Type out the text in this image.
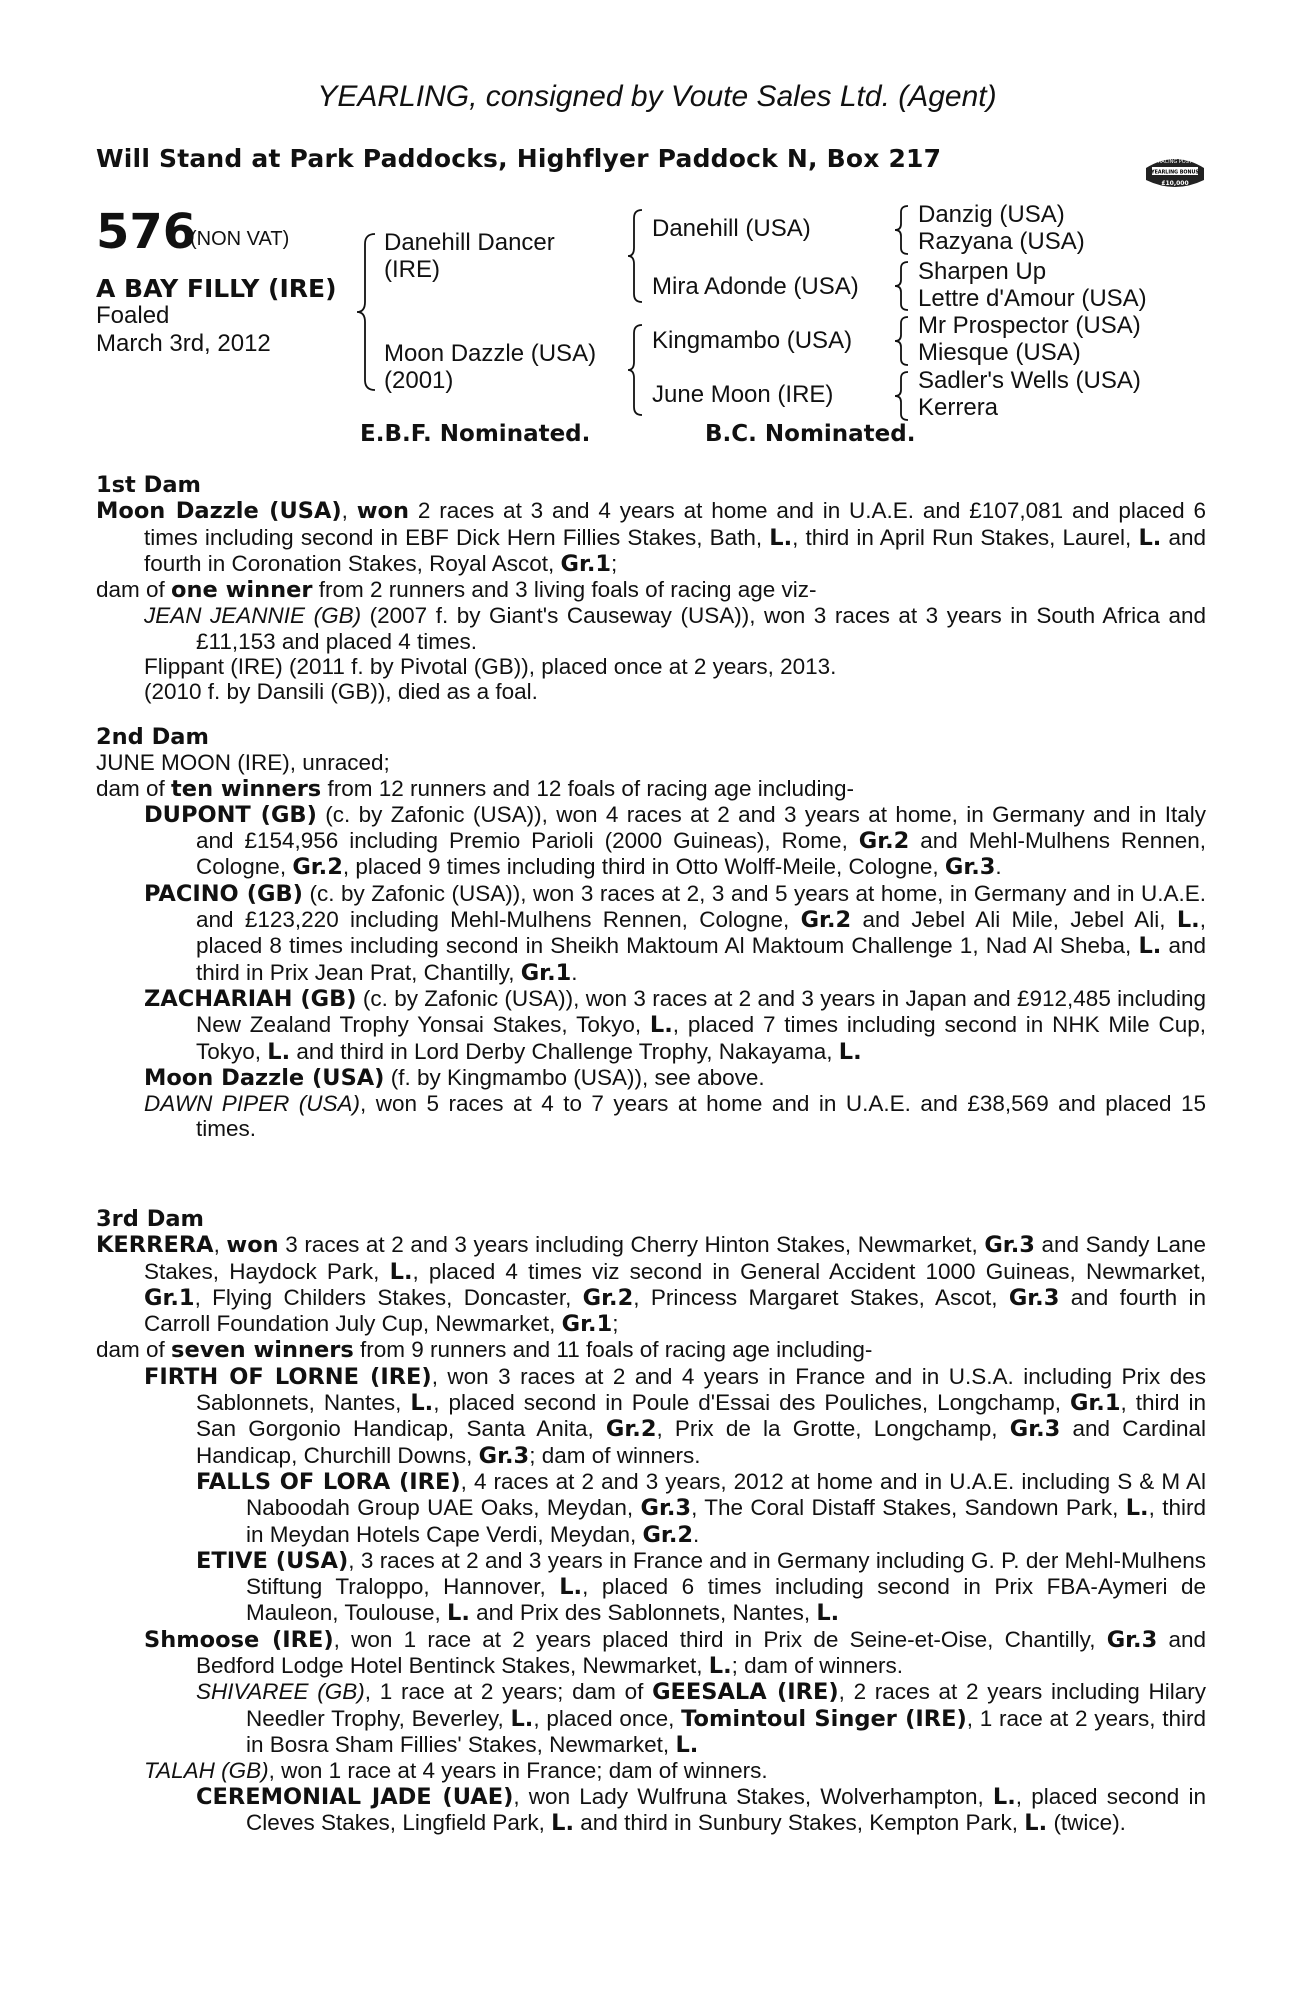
YEARLING, consigned by Voute Sales Ltd. (Agent)
Will Stand at Park Paddocks, Highflyer Paddock N, Box 217	RACING POST
YEARLING BONUS
£10,000
576
(NON VAT)
A BAY FILLY (IRE)
Foaled
March 3rd, 2012
Danehill Dancer
(IRE)
Moon Dazzle (USA)
(2001)
Danehill (USA)
Mira Adonde (USA)
Kingmambo (USA)
June Moon (IRE)
Danzig (USA)
Razyana (USA)
Sharpen Up
Lettre d'Amour (USA)
Mr Prospector (USA)
Miesque (USA)
Sadler's Wells (USA)
Kerrera
E.B.F. Nominated.	B.C. Nominated.
1st Dam

Moon Dazzle (USA), won 2 races at 3 and 4 years at home and in U.A.E. and £107,081 and placed 6 times including second in EBF Dick Hern Fillies Stakes, Bath, L., third in April Run Stakes, Laurel, L. and fourth in Coronation Stakes, Royal Ascot, Gr.1;

dam of one winner from 2 runners and 3 living foals of racing age viz-

JEAN JEANNIE (GB) (2007 f. by Giant's Causeway (USA)), won 3 races at 3 years in South Africa and £11,153 and placed 4 times.

Flippant (IRE) (2011 f. by Pivotal (GB)), placed once at 2 years, 2013.

(2010 f. by Dansili (GB)), died as a foal.

2nd Dam

JUNE MOON (IRE), unraced;

dam of ten winners from 12 runners and 12 foals of racing age including-

DUPONT (GB) (c. by Zafonic (USA)), won 4 races at 2 and 3 years at home, in Germany and in Italy and £154,956 including Premio Parioli (2000 Guineas), Rome, Gr.2 and Mehl-Mulhens Rennen, Cologne, Gr.2, placed 9 times including third in Otto Wolff-Meile, Cologne, Gr.3.

PACINO (GB) (c. by Zafonic (USA)), won 3 races at 2, 3 and 5 years at home, in Germany and in U.A.E. and £123,220 including Mehl-Mulhens Rennen, Cologne, Gr.2 and Jebel Ali Mile, Jebel Ali, L., placed 8 times including second in Sheikh Maktoum Al Maktoum Challenge 1, Nad Al Sheba, L. and third in Prix Jean Prat, Chantilly, Gr.1.

ZACHARIAH (GB) (c. by Zafonic (USA)), won 3 races at 2 and 3 years in Japan and £912,485 including New Zealand Trophy Yonsai Stakes, Tokyo, L., placed 7 times including second in NHK Mile Cup, Tokyo, L. and third in Lord Derby Challenge Trophy, Nakayama, L.

Moon Dazzle (USA) (f. by Kingmambo (USA)), see above.

DAWN PIPER (USA), won 5 races at 4 to 7 years at home and in U.A.E. and £38,569 and placed 15 times.

3rd Dam

KERRERA, won 3 races at 2 and 3 years including Cherry Hinton Stakes, Newmarket, Gr.3 and Sandy Lane Stakes, Haydock Park, L., placed 4 times viz second in General Accident 1000 Guineas, Newmarket, Gr.1, Flying Childers Stakes, Doncaster, Gr.2, Princess Margaret Stakes, Ascot, Gr.3 and fourth in Carroll Foundation July Cup, Newmarket, Gr.1;

dam of seven winners from 9 runners and 11 foals of racing age including-

FIRTH OF LORNE (IRE), won 3 races at 2 and 4 years in France and in U.S.A. including Prix des Sablonnets, Nantes, L., placed second in Poule d'Essai des Pouliches, Longchamp, Gr.1, third in San Gorgonio Handicap, Santa Anita, Gr.2, Prix de la Grotte, Longchamp, Gr.3 and Cardinal Handicap, Churchill Downs, Gr.3; dam of winners.

FALLS OF LORA (IRE), 4 races at 2 and 3 years, 2012 at home and in U.A.E. including S & M Al Naboodah Group UAE Oaks, Meydan, Gr.3, The Coral Distaff Stakes, Sandown Park, L., third in Meydan Hotels Cape Verdi, Meydan, Gr.2.

ETIVE (USA), 3 races at 2 and 3 years in France and in Germany including G. P. der Mehl-Mulhens Stiftung Traloppo, Hannover, L., placed 6 times including second in Prix FBA-Aymeri de Mauleon, Toulouse, L. and Prix des Sablonnets, Nantes, L.

Shmoose (IRE), won 1 race at 2 years placed third in Prix de Seine-et-Oise, Chantilly, Gr.3 and Bedford Lodge Hotel Bentinck Stakes, Newmarket, L.; dam of winners.

SHIVAREE (GB), 1 race at 2 years; dam of GEESALA (IRE), 2 races at 2 years including Hilary Needler Trophy, Beverley, L., placed once, Tomintoul Singer (IRE), 1 race at 2 years, third in Bosra Sham Fillies' Stakes, Newmarket, L.

TALAH (GB), won 1 race at 4 years in France; dam of winners.

CEREMONIAL JADE (UAE), won Lady Wulfruna Stakes, Wolverhampton, L., placed second in Cleves Stakes, Lingfield Park, L. and third in Sunbury Stakes, Kempton Park, L. (twice).
